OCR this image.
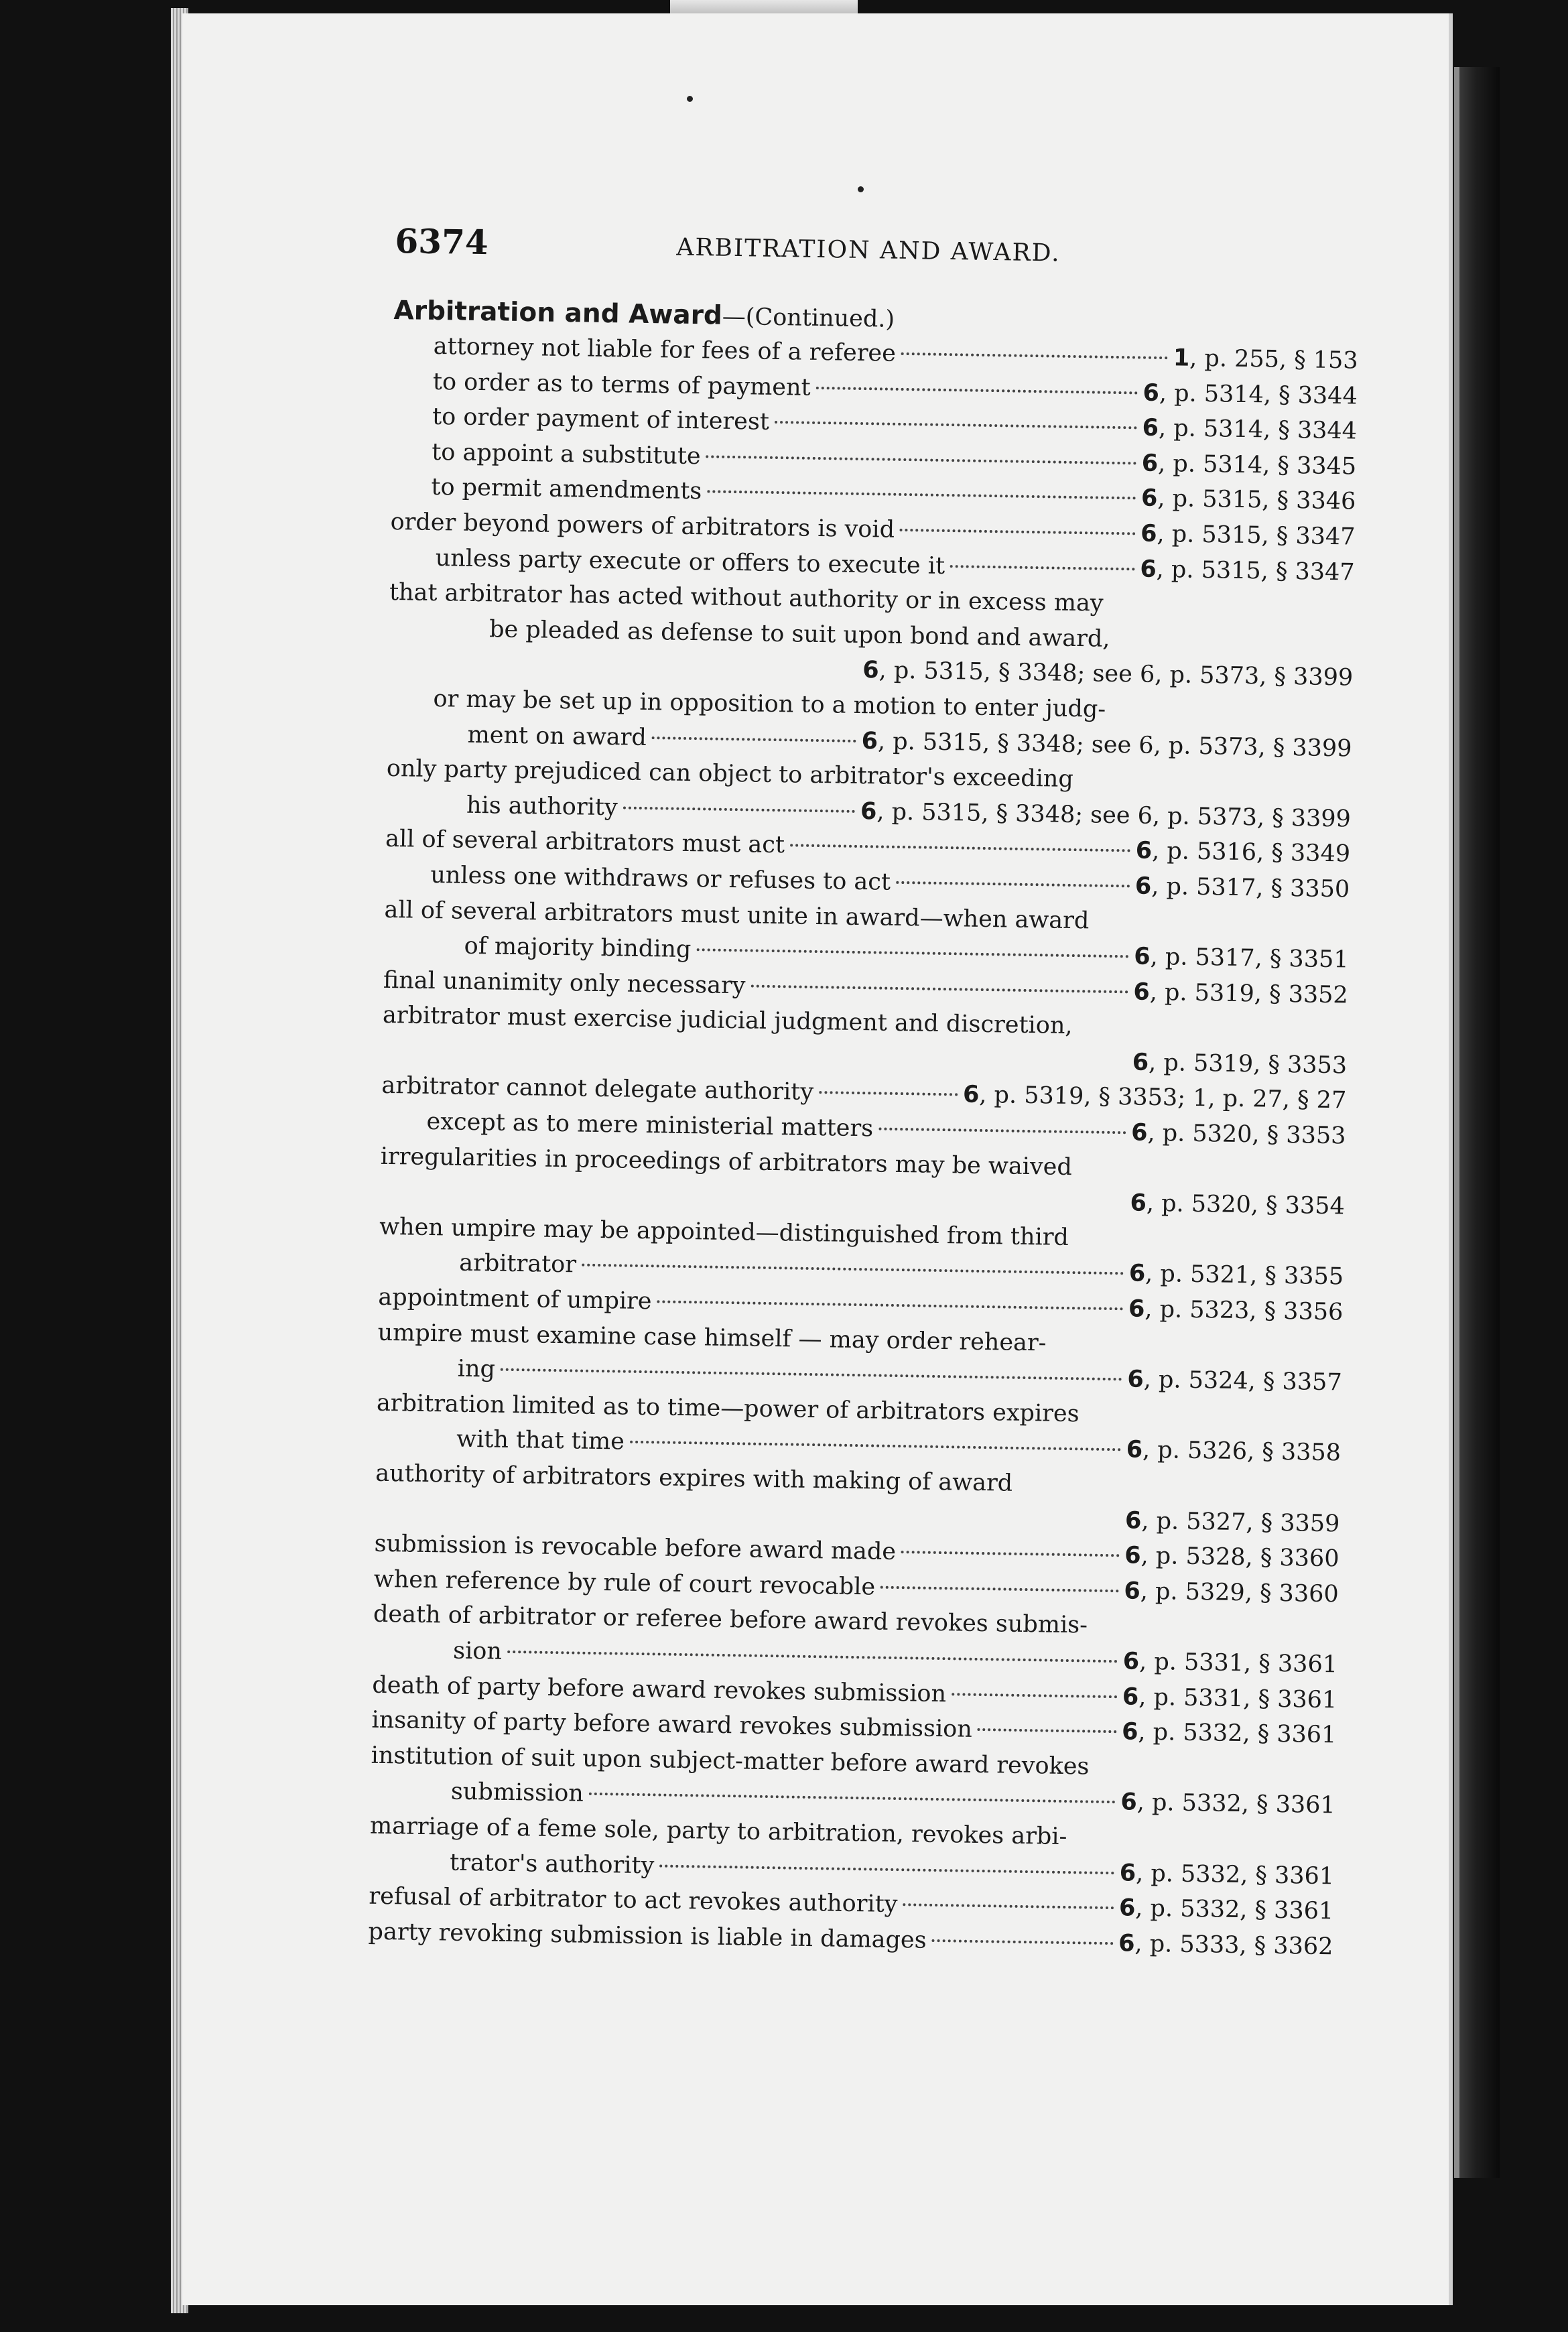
6374	ARBITRATION AND AWARD.
Arbitration and Award—(Continued.)
attorney not liable for fees of a referee	1, p. 255, § 153
to order as to terms of payment	6, p. 5314, § 3344
to order payment of interest	6, p. 5314, § 3344
to appoint a substitute	6, p. 5314, § 3345
to permit amendments	6, p. 5315, § 3346
order beyond powers of arbitrators is void	6, p. 5315, § 3347
unless party execute or offers to execute it	6, p. 5315, § 3347
that arbitrator has acted without authority or in excess may
be pleaded as defense to suit upon bond and award,
6, p. 5315, § 3348; see 6, p. 5373, § 3399
or may be set up in opposition to a motion to enter judg-
ment on award	6, p. 5315, § 3348; see 6, p. 5373, § 3399
only party prejudiced can object to arbitrator's exceeding
his authority	6, p. 5315, § 3348; see 6, p. 5373, § 3399
all of several arbitrators must act	6, p. 5316, § 3349
unless one withdraws or refuses to act	6, p. 5317, § 3350
all of several arbitrators must unite in award—when award
of majority binding	6, p. 5317, § 3351
final unanimity only necessary	6, p. 5319, § 3352
arbitrator must exercise judicial judgment and discretion,
6, p. 5319, § 3353
arbitrator cannot delegate authority	6, p. 5319, § 3353; 1, p. 27, § 27
except as to mere ministerial matters	6, p. 5320, § 3353
irregularities in proceedings of arbitrators may be waived
6, p. 5320, § 3354
when umpire may be appointed—distinguished from third
arbitrator	6, p. 5321, § 3355
appointment of umpire	6, p. 5323, § 3356
umpire must examine case himself — may order rehear-
ing	6, p. 5324, § 3357
arbitration limited as to time—power of arbitrators expires
with that time	6, p. 5326, § 3358
authority of arbitrators expires with making of award
6, p. 5327, § 3359
submission is revocable before award made	6, p. 5328, § 3360
when reference by rule of court revocable	6, p. 5329, § 3360
death of arbitrator or referee before award revokes submis-
sion	6, p. 5331, § 3361
death of party before award revokes submission	6, p. 5331, § 3361
insanity of party before award revokes submission	6, p. 5332, § 3361
institution of suit upon subject-matter before award revokes
submission	6, p. 5332, § 3361
marriage of a feme sole, party to arbitration, revokes arbi-
trator's authority	6, p. 5332, § 3361
refusal of arbitrator to act revokes authority	6, p. 5332, § 3361
party revoking submission is liable in damages	6, p. 5333, § 3362
